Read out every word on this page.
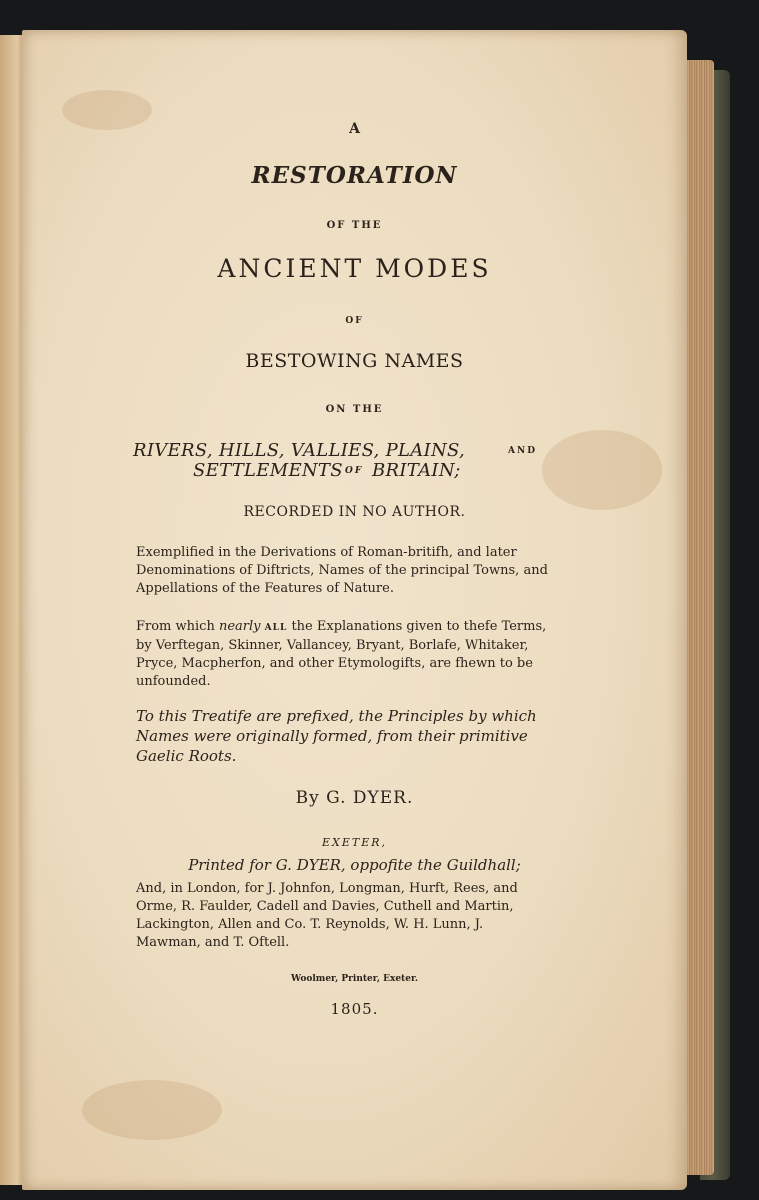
A

RESTORATION

OF THE

ANCIENT MODES

OF

BESTOWING NAMES

ON THE

RIVERS, HILLS, VALLIES, PLAINS,	AND

SETTLEMENTS OF BRITAIN;

RECORDED IN NO AUTHOR.

Exemplified in the Derivations of Roman-britifh, and later Denominations of Diftricts, Names of the principal Towns, and Appellations of the Features of Nature.

From which nearly ALL the Explanations given to thefe Terms, by Verftegan, Skinner, Vallancey, Bryant, Borlafe, Whitaker, Pryce, Macpherfon, and other Etymologifts, are fhewn to be unfounded.

To this Treatife are prefixed, the Principles by which Names were originally formed, from their primitive Gaelic Roots.

By G. DYER.

EXETER,

Printed for G. DYER, oppofite the Guildhall;

And, in London, for J. Johnfon, Longman, Hurft, Rees, and Orme, R. Faulder, Cadell and Davies, Cuthell and Martin, Lackington, Allen and Co. T. Reynolds, W. H. Lunn, J. Mawman, and T. Oftell.

Woolmer, Printer, Exeter.

1805.
